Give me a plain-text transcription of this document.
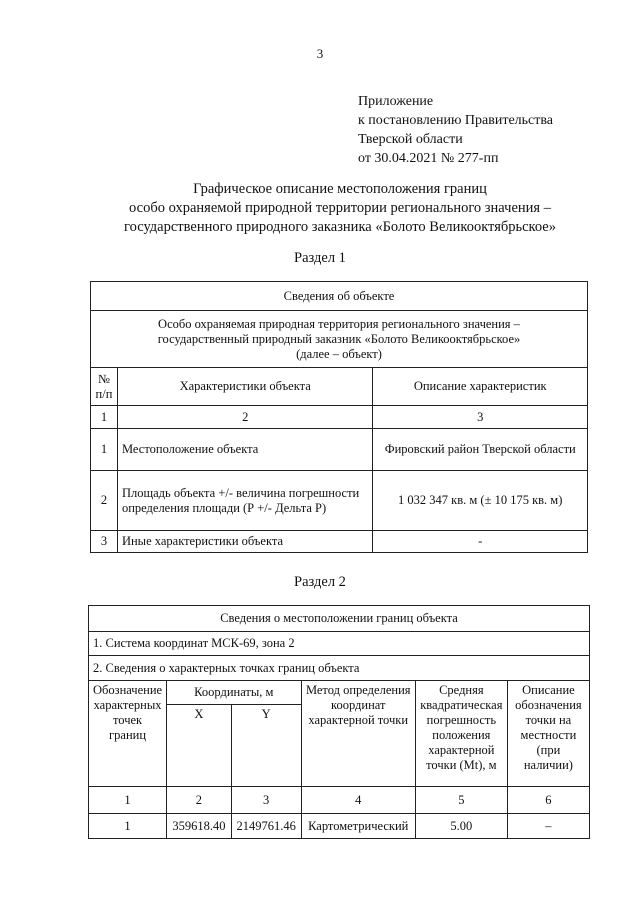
3
Приложение
к постановлению Правительства
Тверской области
от 30.04.2021 № 277-пп
Графическое описание местоположения границ
особо охраняемой природной территории регионального значения –
государственного природного заказника «Болото Великооктябрьское»
Раздел 1
Сведения об объекте		

Особо охраняемая природная территория регионального значения –
государственный природный заказник «Болото Великооктябрьское»
(далее – объект)		

№ п/п	Характеристики объекта	Описание характеристик
1	2	3
1	Местоположение объекта	Фировский район Тверской области
2	Площадь объекта +/- величина погрешности определения площади (Р +/- Дельта Р)	1 032 347 кв. м (± 10 175 кв. м)
3	Иные характеристики объекта	-
Раздел 2
Сведения о местоположении границ объекта					
1. Система координат МСК-69, зона 2					
2. Сведения о характерных точках границ объекта					
Обозначение характерных точек границ	Координаты, м		Метод определения координат характерной точки	Средняя квадратическая погрешность положения характерной точки (Mt), м	Описание обозначения точки на местности (при наличии)
	X	Y			
1	2	3	4	5	6
1	359618.40	2149761.46	Картометрический	5.00	–
